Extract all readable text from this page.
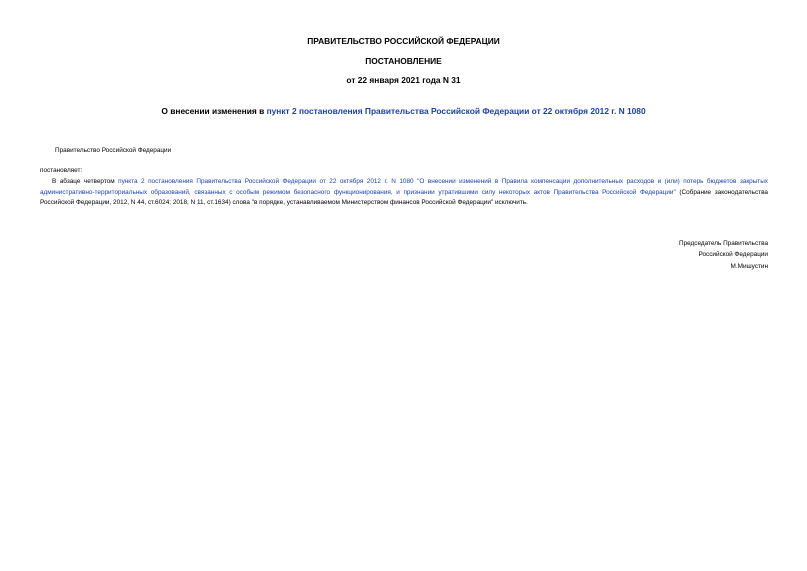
ПРАВИТЕЛЬСТВО РОССИЙСКОЙ ФЕДЕРАЦИИ
ПОСТАНОВЛЕНИЕ
от 22 января 2021 года N 31
О внесении изменения в пункт 2 постановления Правительства Российской Федерации от 22 октября 2012 г. N 1080
Правительство Российской Федерации
постановляет:
В абзаце четвертом пункта 2 постановления Правительства Российской Федерации от 22 октября 2012 г. N 1080 "О внесении изменений в Правила компенсации дополнительных расходов и (или) потерь бюджетов закрытых административно-территориальных образований, связанных с особым режимом безопасного функционирования, и признании утратившими силу некоторых актов Правительства Российской Федерации" (Собрание законодательства Российской Федерации, 2012, N 44, ст.6024; 2018, N 11, ст.1634) слова "в порядке, устанавливаемом Министерством финансов Российской Федерации" исключить.
Председатель Правительства
Российской Федерации
М.Мишустин
